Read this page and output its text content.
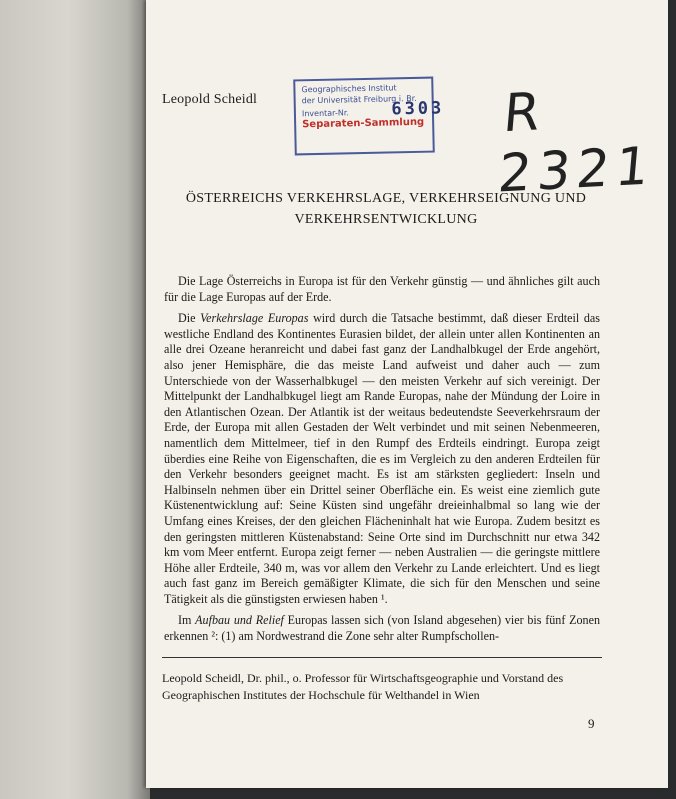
Leopold Scheidl
Geographisches Institut
der Universität Freiburg i. Br.
Inventar-Nr. 6303
Separaten-Sammlung R 2321
ÖSTERREICHS VERKEHRSLAGE, VERKEHRSEIGNUNG UND
VERKEHRSENTWICKLUNG

Die Lage Österreichs in Europa ist für den Verkehr günstig — und ähnliches gilt auch für die Lage Europas auf der Erde.

Die Verkehrslage Europas wird durch die Tatsache bestimmt, daß dieser Erdteil das westliche Endland des Kontinentes Eurasien bildet, der allein unter allen Kontinenten an alle drei Ozeane heranreicht und dabei fast ganz der Landhalbkugel der Erde angehört, also jener Hemisphäre, die das meiste Land aufweist und daher auch — zum Unterschiede von der Wasserhalbkugel — den meisten Verkehr auf sich vereinigt. Der Mittelpunkt der Landhalbkugel liegt am Rande Europas, nahe der Mündung der Loire in den Atlantischen Ozean. Der Atlantik ist der weitaus bedeutendste Seeverkehrsraum der Erde, der Europa mit allen Gestaden der Welt verbindet und mit seinen Nebenmeeren, namentlich dem Mittelmeer, tief in den Rumpf des Erdteils eindringt. Europa zeigt überdies eine Reihe von Eigenschaften, die es im Vergleich zu den anderen Erdteilen für den Verkehr besonders geeignet macht. Es ist am stärksten gegliedert: Inseln und Halbinseln nehmen über ein Drittel seiner Oberfläche ein. Es weist eine ziemlich gute Küstenentwicklung auf: Seine Küsten sind ungefähr dreieinhalbmal so lang wie der Umfang eines Kreises, der den gleichen Flächeninhalt hat wie Europa. Zudem besitzt es den geringsten mittleren Küstenabstand: Seine Orte sind im Durchschnitt nur etwa 342 km vom Meer entfernt. Europa zeigt ferner — neben Australien — die geringste mittlere Höhe aller Erdteile, 340 m, was vor allem den Verkehr zu Lande erleichtert. Und es liegt auch fast ganz im Bereich gemäßigter Klimate, die sich für den Menschen und seine Tätigkeit als die günstigsten erwiesen haben ¹.

Im Aufbau und Relief Europas lassen sich (von Island abgesehen) vier bis fünf Zonen erkennen ²: (1) am Nordwestrand die Zone sehr alter Rumpfschollen-

Leopold Scheidl, Dr. phil., o. Professor für Wirtschaftsgeographie und Vorstand des Geographischen Institutes der Hochschule für Welthandel in Wien
9
